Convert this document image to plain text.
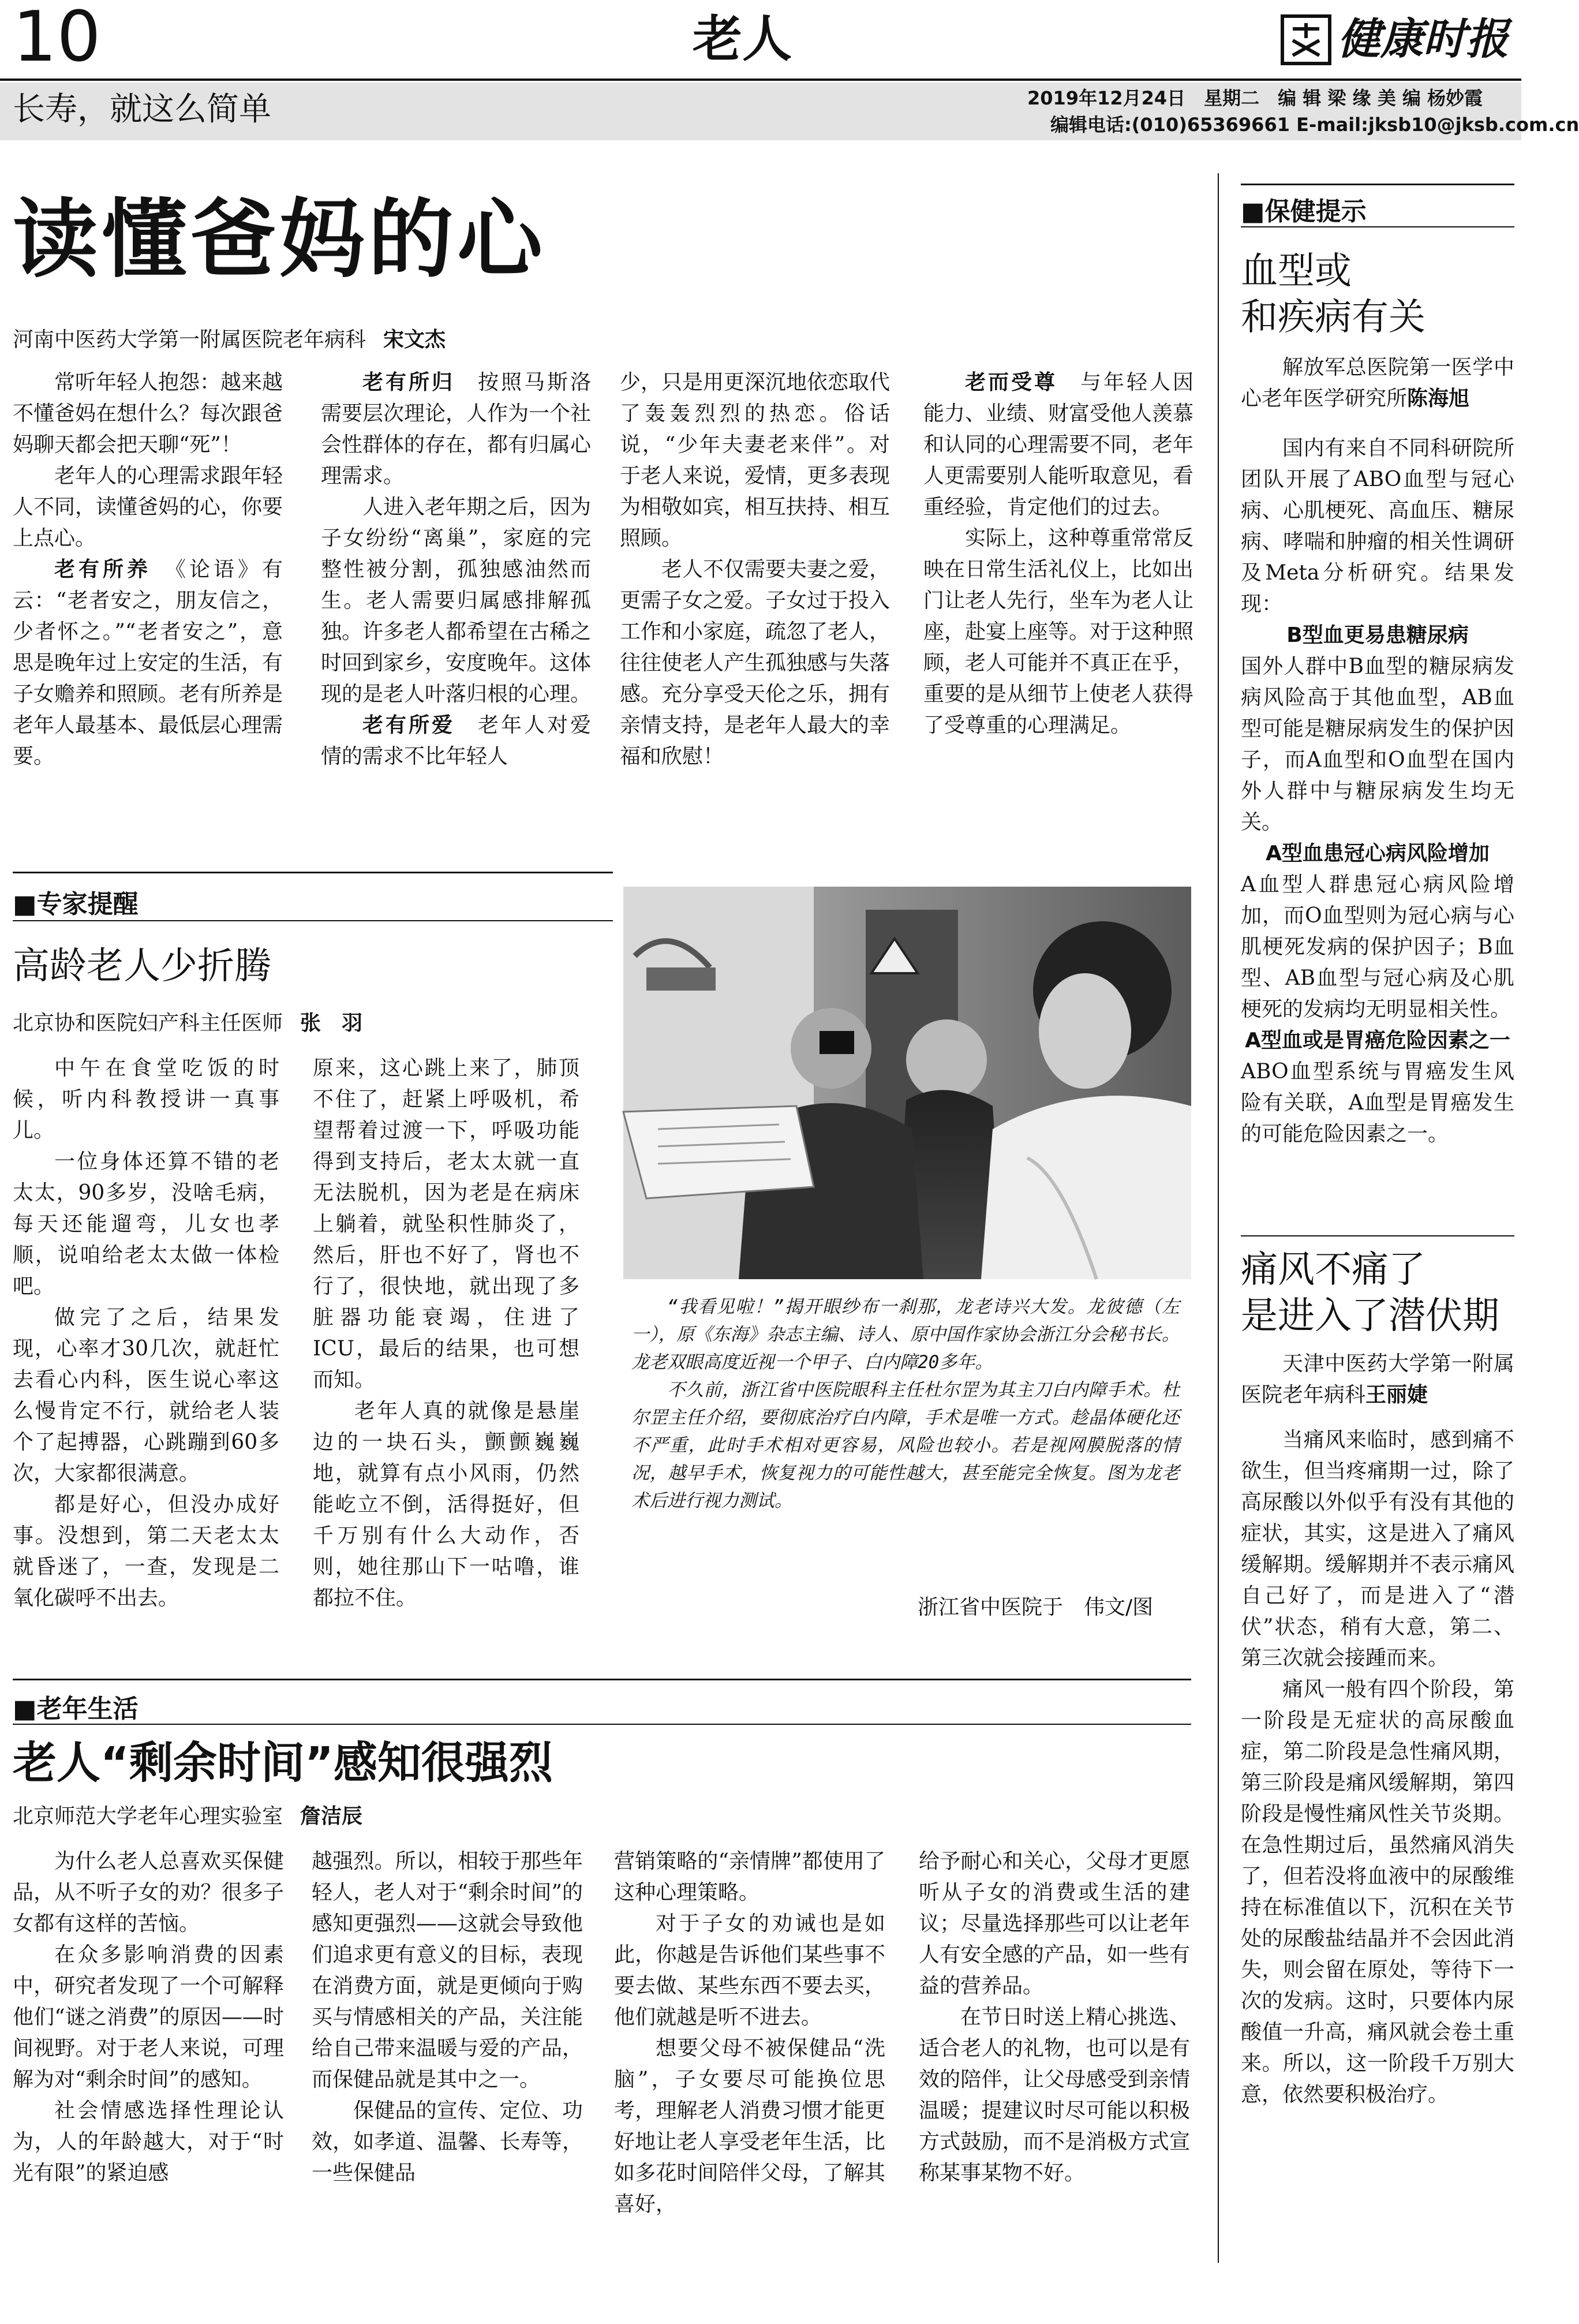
10	老人	健康时报
长寿，就这么简单	2019年12月24日　星期二　编 辑 梁 缘 美 编 杨妙霞
编辑电话:(010)65369661 E-mail:jksb10@jksb.com.cn
读懂爸妈的心
河南中医药大学第一附属医院老年病科 宋文杰

常听年轻人抱怨：越来越不懂爸妈在想什么？每次跟爸妈聊天都会把天聊“死”！

老年人的心理需求跟年轻人不同，读懂爸妈的心，你要上点心。

老有所养　 《论语》有云：“老者安之，朋友信之，少者怀之。”“老者安之”，意思是晚年过上安定的生活，有子女赡养和照顾。老有所养是老年人最基本、最低层心理需要。

老有所归　 按照马斯洛需要层次理论，人作为一个社会性群体的存在，都有归属心理需求。

人进入老年期之后，因为子女纷纷“离巢”，家庭的完整性被分割，孤独感油然而生。老人需要归属感排解孤独。许多老人都希望在古稀之时回到家乡，安度晚年。这体现的是老人叶落归根的心理。

老有所爱　 老年人对爱情的需求不比年轻人

少，只是用更深沉地依恋取代了轰轰烈烈的热恋。俗话说，“少年夫妻老来伴”。对于老人来说，爱情，更多表现为相敬如宾，相互扶持、相互照顾。

老人不仅需要夫妻之爱，更需子女之爱。子女过于投入工作和小家庭，疏忽了老人，往往使老人产生孤独感与失落感。充分享受天伦之乐，拥有亲情支持，是老年人最大的幸福和欣慰！

老而受尊　 与年轻人因能力、业绩、财富受他人羡慕和认同的心理需要不同，老年人更需要别人能听取意见，看重经验，肯定他们的过去。

实际上，这种尊重常常反映在日常生活礼仪上，比如出门让老人先行，坐车为老人让座，赴宴上座等。对于这种照顾，老人可能并不真正在乎，重要的是从细节上使老人获得了受尊重的心理满足。

■专家提醒
高龄老人少折腾
北京协和医院妇产科主任医师 张　羽

中午在食堂吃饭的时候，听内科教授讲一真事儿。

一位身体还算不错的老太太，90多岁，没啥毛病，每天还能遛弯，儿女也孝顺，说咱给老太太做一体检吧。

做完了之后，结果发现，心率才30几次，就赶忙去看心内科，医生说心率这么慢肯定不行，就给老人装个了起搏器，心跳蹦到60多次，大家都很满意。

都是好心，但没办成好事。没想到，第二天老太太就昏迷了，一查，发现是二氧化碳呼不出去。

原来，这心跳上来了，肺顶不住了，赶紧上呼吸机，希望帮着过渡一下，呼吸功能得到支持后，老太太就一直无法脱机，因为老是在病床上躺着，就坠积性肺炎了，然后，肝也不好了，肾也不行了，很快地，就出现了多脏器功能衰竭，住进了ICU，最后的结果，也可想而知。

老年人真的就像是悬崖边的一块石头，颤颤巍巍地，就算有点小风雨，仍然能屹立不倒，活得挺好，但千万别有什么大动作，否则，她往那山下一咕噜，谁都拉不住。

“我看见啦！”揭开眼纱布一刹那，龙老诗兴大发。龙彼德（左一），原《东海》杂志主编、诗人、原中国作家协会浙江分会秘书长。龙老双眼高度近视一个甲子、白内障20多年。

不久前，浙江省中医院眼科主任杜尔罡为其主刀白内障手术。杜尔罡主任介绍，要彻底治疗白内障，手术是唯一方式。趁晶体硬化还不严重，此时手术相对更容易，风险也较小。若是视网膜脱落的情况，越早手术，恢复视力的可能性越大，甚至能完全恢复。图为龙老术后进行视力测试。

浙江省中医院于　伟文/图
■老年生活
老人“剩余时间”感知很强烈
北京师范大学老年心理实验室 詹洁辰

为什么老人总喜欢买保健品，从不听子女的劝？很多子女都有这样的苦恼。

在众多影响消费的因素中，研究者发现了一个可解释他们“谜之消费”的原因——时间视野。对于老人来说，可理解为对“剩余时间”的感知。

社会情感选择性理论认为，人的年龄越大，对于“时光有限”的紧迫感

越强烈。所以，相较于那些年轻人，老人对于“剩余时间”的感知更强烈——这就会导致他们追求更有意义的目标，表现在消费方面，就是更倾向于购买与情感相关的产品，关注能给自己带来温暖与爱的产品，而保健品就是其中之一。

保健品的宣传、定位、功效，如孝道、温馨、长寿等，一些保健品

营销策略的“亲情牌”都使用了这种心理策略。

对于子女的劝诫也是如此，你越是告诉他们某些事不要去做、某些东西不要去买，他们就越是听不进去。

想要父母不被保健品“洗脑”，子女要尽可能换位思考，理解老人消费习惯才能更好地让老人享受老年生活，比如多花时间陪伴父母，了解其喜好，

给予耐心和关心，父母才更愿听从子女的消费或生活的建议；尽量选择那些可以让老年人有安全感的产品，如一些有益的营养品。

在节日时送上精心挑选、适合老人的礼物，也可以是有效的陪伴，让父母感受到亲情温暖；提建议时尽可能以积极方式鼓励，而不是消极方式宣称某事某物不好。

■保健提示
血型或
和疾病有关

解放军总医院第一医学中心老年医学研究所陈海旭

国内有来自不同科研院所团队开展了ABO血型与冠心病、心肌梗死、高血压、糖尿病、哮喘和肿瘤的相关性调研及Meta分析研究。结果发现：

B型血更易患糖尿病

国外人群中B血型的糖尿病发病风险高于其他血型，AB血型可能是糖尿病发生的保护因子，而A血型和O血型在国内外人群中与糖尿病发生均无关。

A型血患冠心病风险增加

A血型人群患冠心病风险增加，而O血型则为冠心病与心肌梗死发病的保护因子；B血型、AB血型与冠心病及心肌梗死的发病均无明显相关性。

A型血或是胃癌危险因素之一

ABO血型系统与胃癌发生风险有关联，A血型是胃癌发生的可能危险因素之一。

痛风不痛了
是进入了潜伏期

天津中医药大学第一附属医院老年病科王丽婕

当痛风来临时，感到痛不欲生，但当疼痛期一过，除了高尿酸以外似乎有没有其他的症状，其实，这是进入了痛风缓解期。缓解期并不表示痛风自己好了，而是进入了“潜伏”状态，稍有大意，第二、第三次就会接踵而来。

痛风一般有四个阶段，第一阶段是无症状的高尿酸血症，第二阶段是急性痛风期，第三阶段是痛风缓解期，第四阶段是慢性痛风性关节炎期。在急性期过后，虽然痛风消失了，但若没将血液中的尿酸维持在标准值以下，沉积在关节处的尿酸盐结晶并不会因此消失，则会留在原处，等待下一次的发病。这时，只要体内尿酸值一升高，痛风就会卷土重来。所以，这一阶段千万别大意，依然要积极治疗。
